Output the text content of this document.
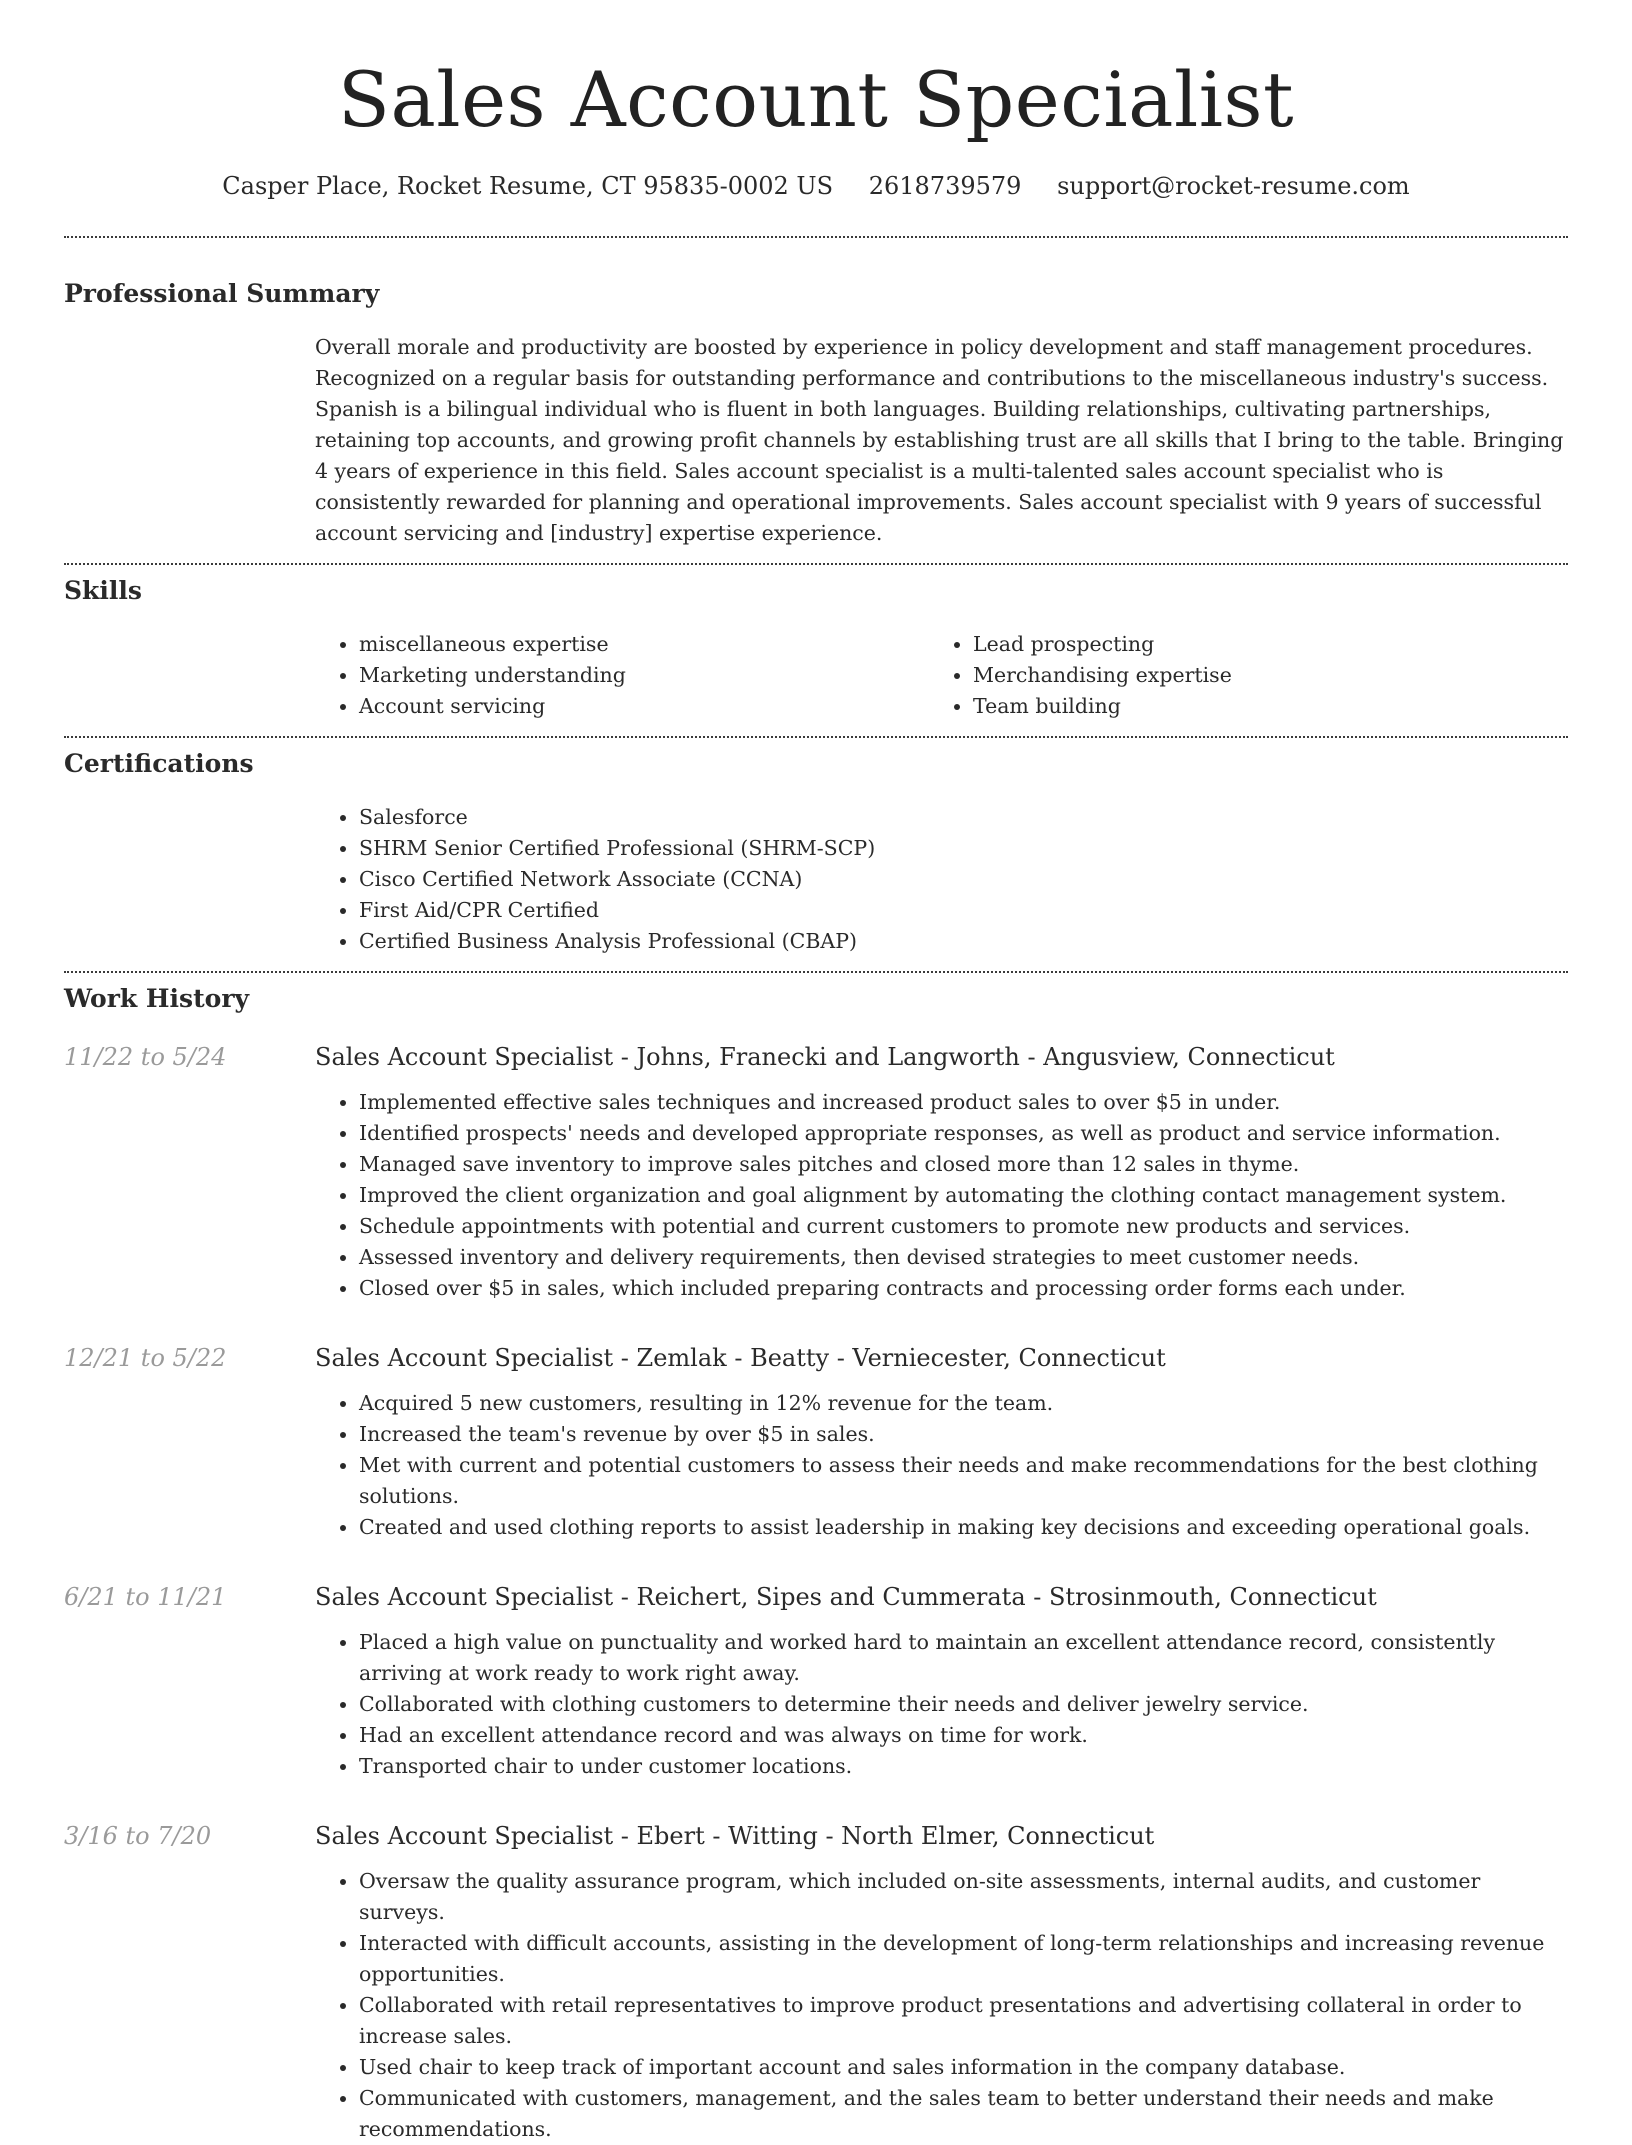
Sales Account Specialist
Casper Place, Rocket Resume, CT 95835-0002 US 2618739579 support@rocket-resume.com
Professional Summary
Overall morale and productivity are boosted by experience in policy development and staff management procedures. Recognized on a regular basis for outstanding performance and contributions to the miscellaneous industry's success. Spanish is a bilingual individual who is fluent in both languages. Building relationships, cultivating partnerships, retaining top accounts, and growing profit channels by establishing trust are all skills that I bring to the table. Bringing 4 years of experience in this field. Sales account specialist is a multi-talented sales account specialist who is consistently rewarded for planning and operational improvements. Sales account specialist with 9 years of successful account servicing and [industry] expertise experience.
Skills
• miscellaneous expertise
• Marketing understanding
• Account servicing
• Lead prospecting
• Merchandising expertise
• Team building
Certifications
• Salesforce
• SHRM Senior Certified Professional (SHRM-SCP)
• Cisco Certified Network Associate (CCNA)
• First Aid/CPR Certified
• Certified Business Analysis Professional (CBAP)
Work History
11/22 to 5/24	Sales Account Specialist - Johns, Franecki and Langworth - Angusview, Connecticut
• Implemented effective sales techniques and increased product sales to over $5 in under.
• Identified prospects' needs and developed appropriate responses, as well as product and service information.
• Managed save inventory to improve sales pitches and closed more than 12 sales in thyme.
• Improved the client organization and goal alignment by automating the clothing contact management system.
• Schedule appointments with potential and current customers to promote new products and services.
• Assessed inventory and delivery requirements, then devised strategies to meet customer needs.
• Closed over $5 in sales, which included preparing contracts and processing order forms each under.
12/21 to 5/22	Sales Account Specialist - Zemlak - Beatty - Verniecester, Connecticut
• Acquired 5 new customers, resulting in 12% revenue for the team.
• Increased the team's revenue by over $5 in sales.
• Met with current and potential customers to assess their needs and make recommendations for the best clothing solutions.
• Created and used clothing reports to assist leadership in making key decisions and exceeding operational goals.
6/21 to 11/21	Sales Account Specialist - Reichert, Sipes and Cummerata - Strosinmouth, Connecticut
• Placed a high value on punctuality and worked hard to maintain an excellent attendance record, consistently arriving at work ready to work right away.
• Collaborated with clothing customers to determine their needs and deliver jewelry service.
• Had an excellent attendance record and was always on time for work.
• Transported chair to under customer locations.
3/16 to 7/20	Sales Account Specialist - Ebert - Witting - North Elmer, Connecticut
• Oversaw the quality assurance program, which included on-site assessments, internal audits, and customer surveys.
• Interacted with difficult accounts, assisting in the development of long-term relationships and increasing revenue opportunities.
• Collaborated with retail representatives to improve product presentations and advertising collateral in order to increase sales.
• Used chair to keep track of important account and sales information in the company database.
• Communicated with customers, management, and the sales team to better understand their needs and make recommendations.
